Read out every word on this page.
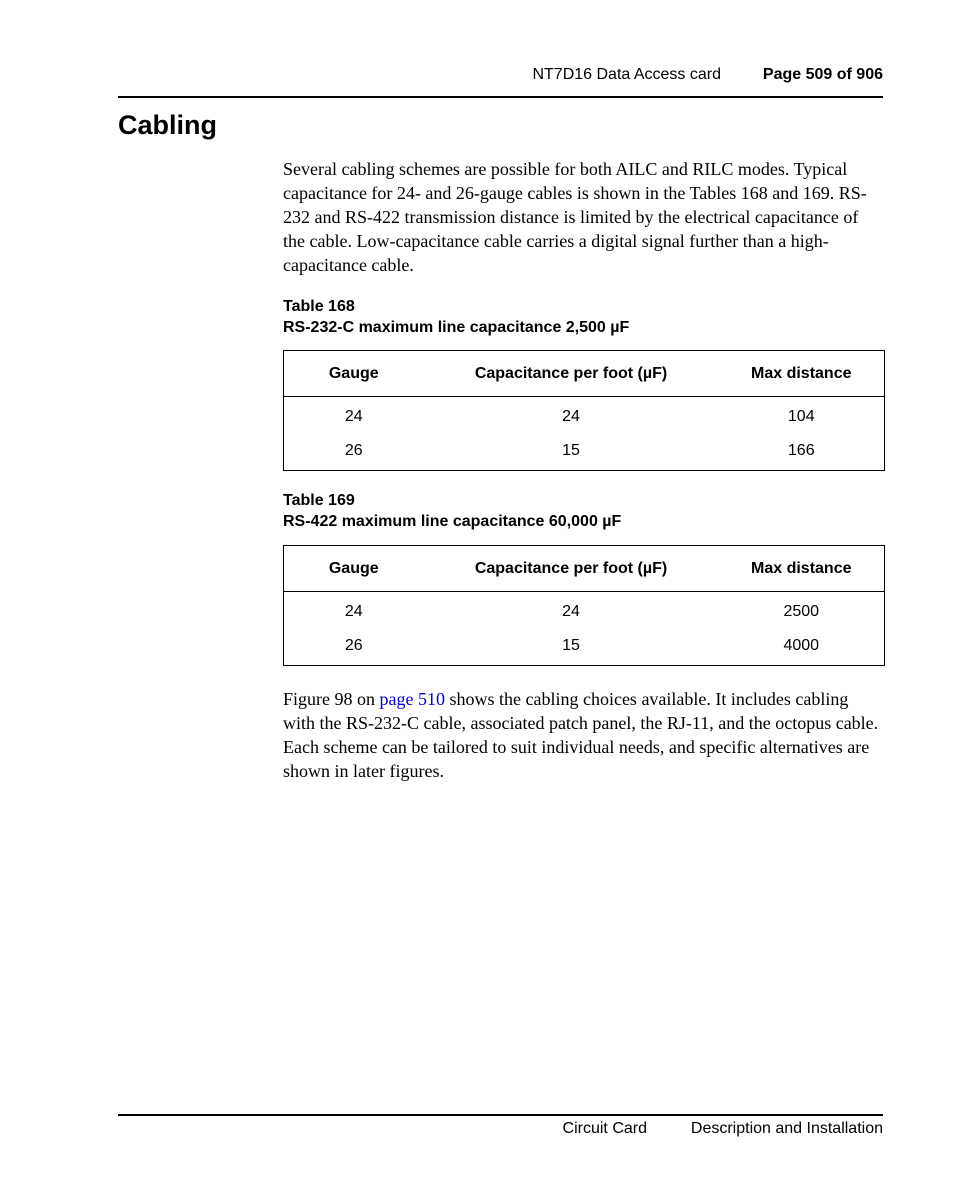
NT7D16 Data Access card	Page 509 of 906
Cabling

Several cabling schemes are possible for both AILC and RILC modes. Typical capacitance for 24- and 26-gauge cables is shown in the Tables 168 and 169. RS-232 and RS-422 transmission distance is limited by the electrical capacitance of the cable. Low-capacitance cable carries a digital signal further than a high-capacitance cable.

Table 168
RS-232-C maximum line capacitance 2,500 µF
Gauge	Capacitance per foot (µF)	Max distance
24	24	104
26	15	166
Table 169
RS-422 maximum line capacitance 60,000 µF
Gauge	Capacitance per foot (µF)	Max distance
24	24	2500
26	15	4000

Figure 98 on page 510 shows the cabling choices available. It includes cabling with the RS-232-C cable, associated patch panel, the RJ-11, and the octopus cable. Each scheme can be tailored to suit individual needs, and specific alternatives are shown in later figures.

Circuit Card	Description and Installation
